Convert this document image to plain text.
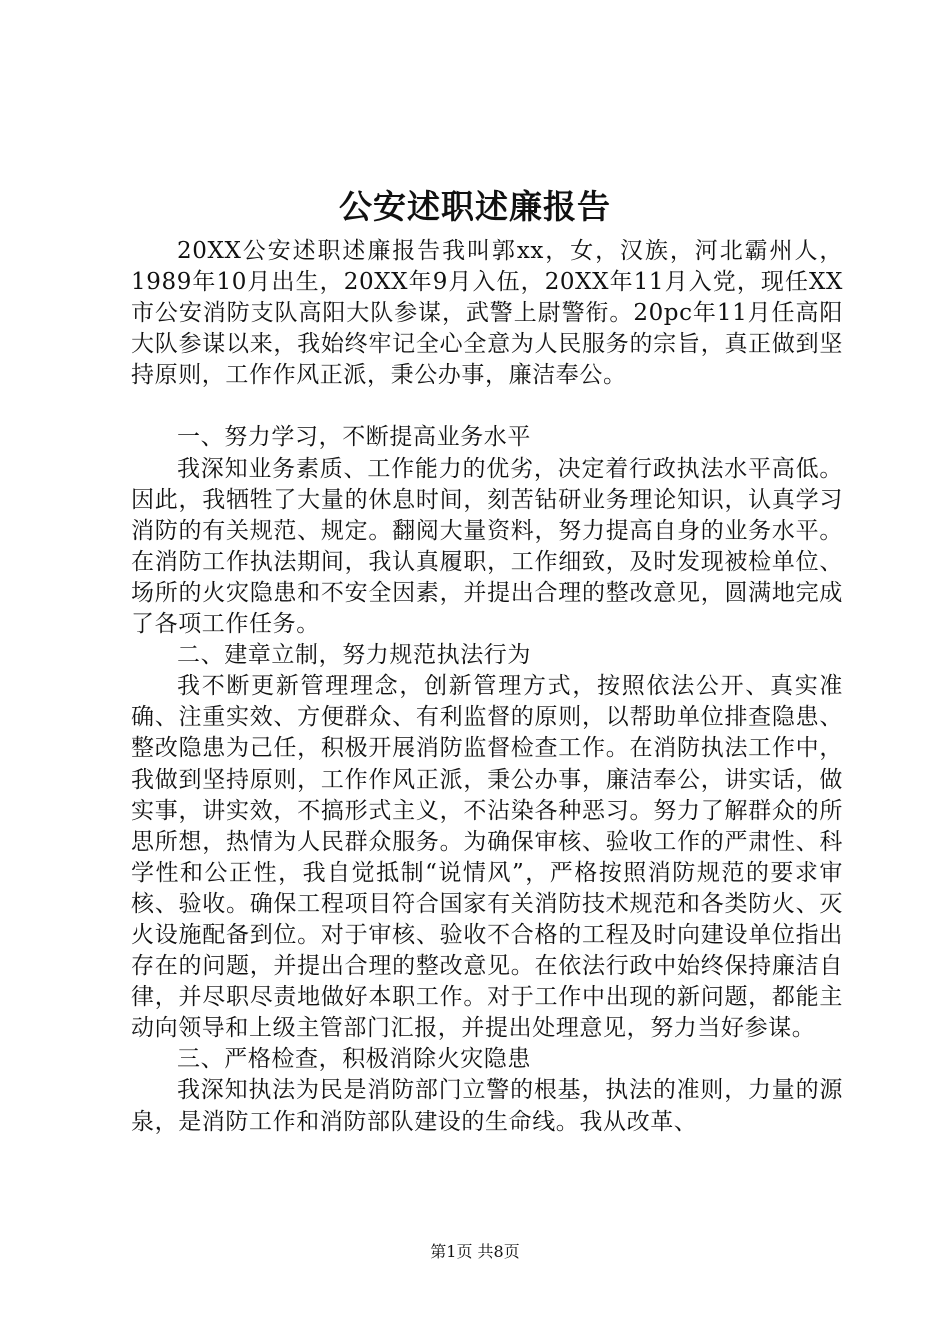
公安述职述廉报告

20XX公安述职述廉报告我叫郭xx，女，汉族，河北霸州人，1989年10月出生，20XX年9月入伍，20XX年11月入党，现任XX市公安消防支队高阳大队参谋，武警上尉警衔。20pc年11月任高阳大队参谋以来，我始终牢记全心全意为人民服务的宗旨，真正做到坚持原则，工作作风正派，秉公办事，廉洁奉公。

一、努力学习，不断提高业务水平

我深知业务素质、工作能力的优劣，决定着行政执法水平高低。因此，我牺牲了大量的休息时间，刻苦钻研业务理论知识，认真学习消防的有关规范、规定。翻阅大量资料，努力提高自身的业务水平。在消防工作执法期间，我认真履职，工作细致，及时发现被检单位、场所的火灾隐患和不安全因素，并提出合理的整改意见，圆满地完成了各项工作任务。

二、建章立制，努力规范执法行为

我不断更新管理理念，创新管理方式，按照依法公开、真实准确、注重实效、方便群众、有利监督的原则，以帮助单位排查隐患、整改隐患为己任，积极开展消防监督检查工作。在消防执法工作中，我做到坚持原则，工作作风正派，秉公办事，廉洁奉公，讲实话，做实事，讲实效，不搞形式主义，不沾染各种恶习。努力了解群众的所思所想，热情为人民群众服务。为确保审核、验收工作的严肃性、科学性和公正性，我自觉抵制“说情风”，严格按照消防规范的要求审核、验收。确保工程项目符合国家有关消防技术规范和各类防火、灭火设施配备到位。对于审核、验收不合格的工程及时向建设单位指出存在的问题，并提出合理的整改意见。在依法行政中始终保持廉洁自律，并尽职尽责地做好本职工作。对于工作中出现的新问题，都能主动向领导和上级主管部门汇报，并提出处理意见，努力当好参谋。

三、严格检查，积极消除火灾隐患

我深知执法为民是消防部门立警的根基，执法的准则，力量的源泉，是消防工作和消防部队建设的生命线。我从改革、

第1页 共8页
